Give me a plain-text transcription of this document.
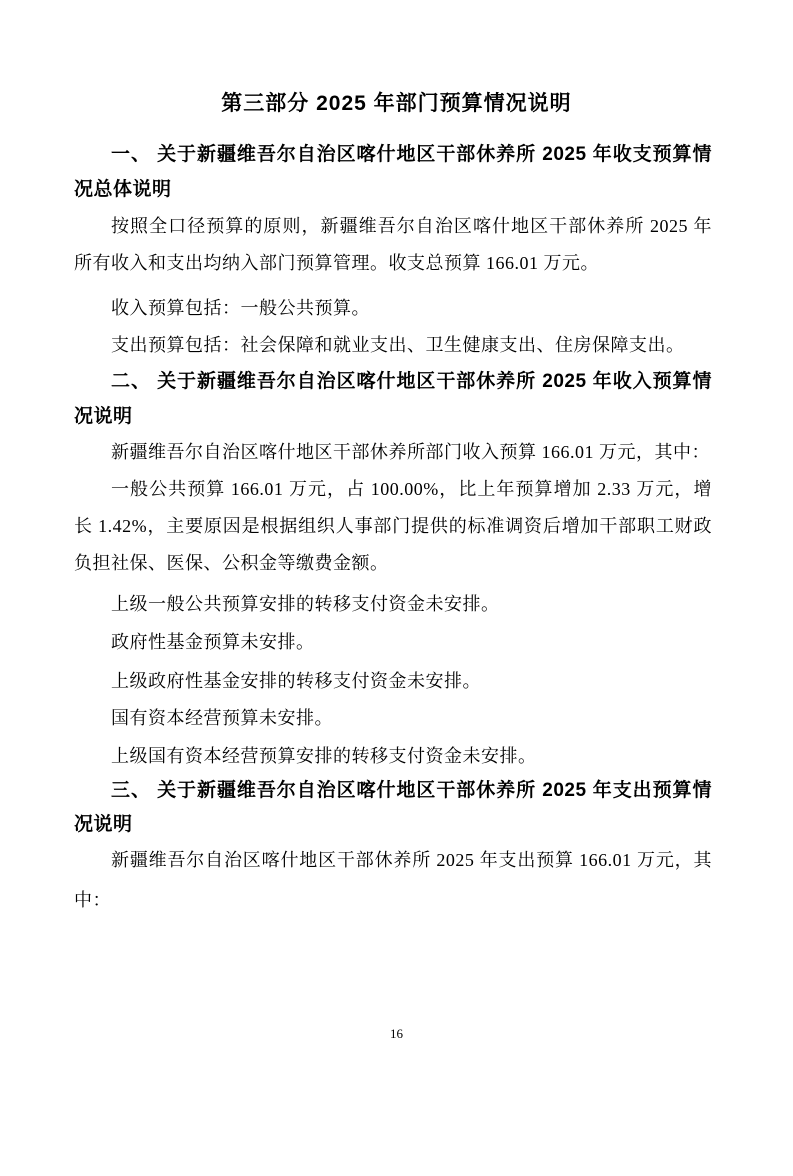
第三部分 2025 年部门预算情况说明
一、 关于新疆维吾尔自治区喀什地区干部休养所 2025 年收支预算情况总体说明
按照全口径预算的原则，新疆维吾尔自治区喀什地区干部休养所 2025 年所有收入和支出均纳入部门预算管理。收支总预算 166.01 万元。
收入预算包括：一般公共预算。
支出预算包括：社会保障和就业支出、卫生健康支出、住房保障支出。
二、 关于新疆维吾尔自治区喀什地区干部休养所 2025 年收入预算情况说明
新疆维吾尔自治区喀什地区干部休养所部门收入预算 166.01 万元，其中：
一般公共预算 166.01 万元，占 100.00%，比上年预算增加 2.33 万元，增长 1.42%，主要原因是根据组织人事部门提供的标准调资后增加干部职工财政负担社保、医保、公积金等缴费金额。
上级一般公共预算安排的转移支付资金未安排。
政府性基金预算未安排。
上级政府性基金安排的转移支付资金未安排。
国有资本经营预算未安排。
上级国有资本经营预算安排的转移支付资金未安排。
三、 关于新疆维吾尔自治区喀什地区干部休养所 2025 年支出预算情况说明
新疆维吾尔自治区喀什地区干部休养所 2025 年支出预算 166.01 万元，其中：
16
